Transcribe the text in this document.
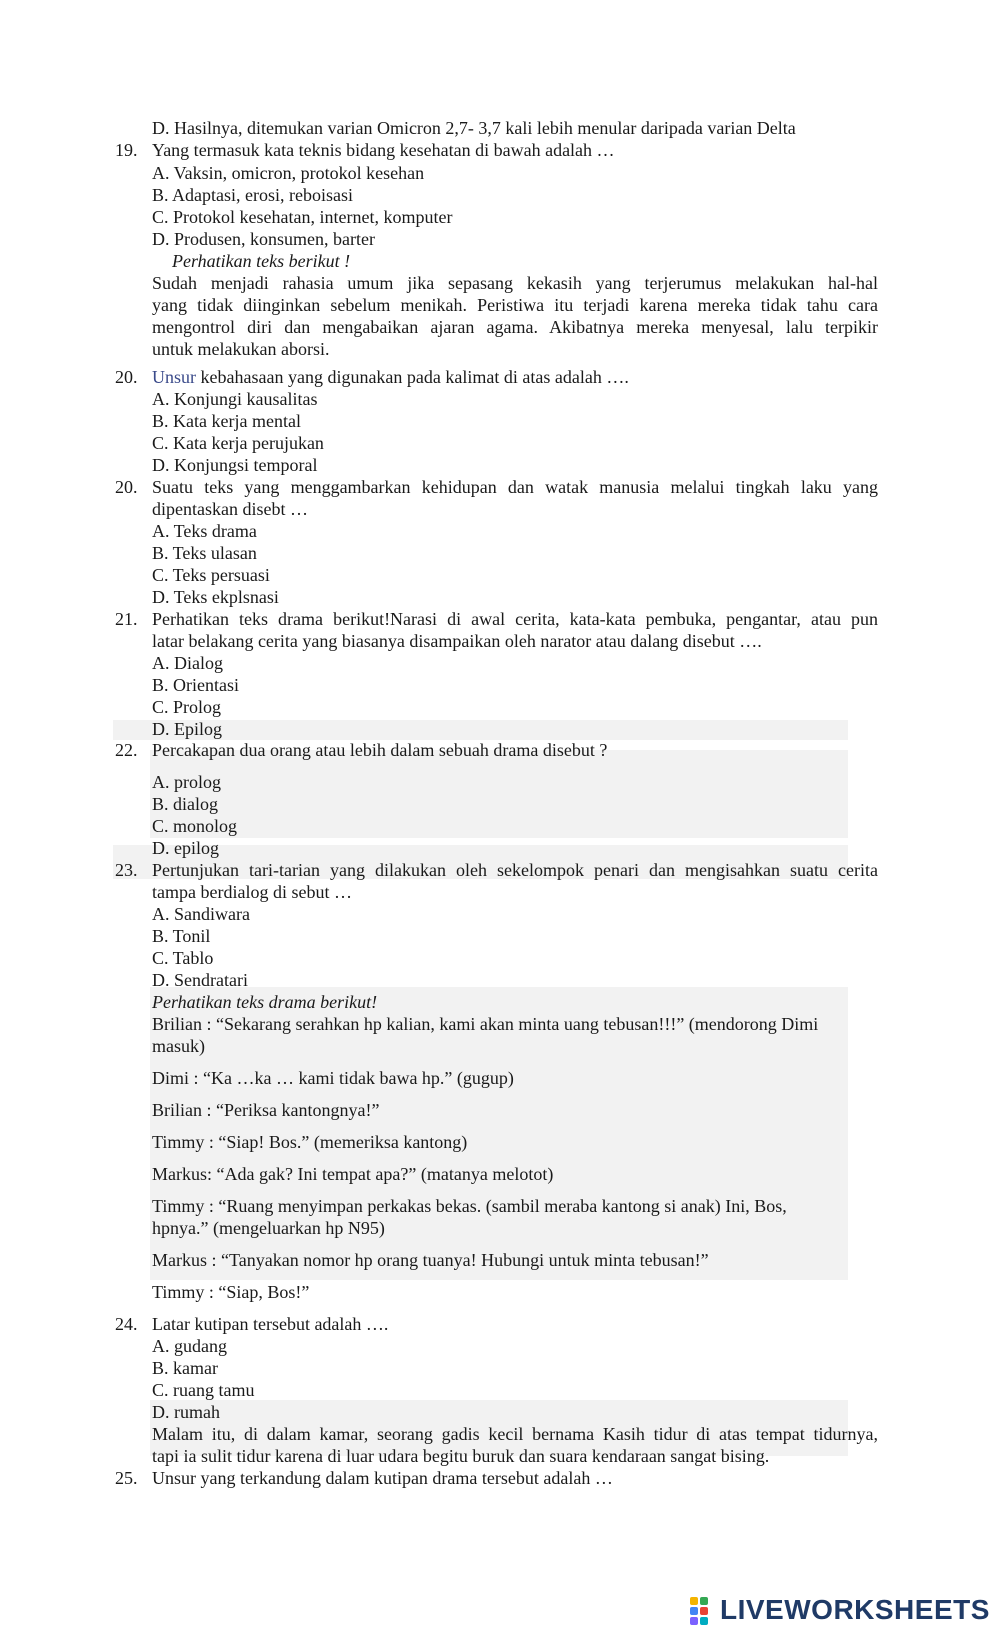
D. Hasilnya, ditemukan varian Omicron 2,7- 3,7 kali lebih menular daripada varian Delta
19. Yang termasuk kata teknis bidang kesehatan di bawah adalah …
A. Vaksin, omicron, protokol kesehan
B. Adaptasi, erosi, reboisasi
C. Protokol kesehatan, internet, komputer
D. Produsen, konsumen, barter
Perhatikan teks berikut !
Sudah menjadi rahasia umum jika sepasang kekasih yang terjerumus melakukan hal-hal
yang tidak diinginkan sebelum menikah. Peristiwa itu terjadi karena mereka tidak tahu cara
mengontrol diri dan mengabaikan ajaran agama. Akibatnya mereka menyesal, lalu terpikir
untuk melakukan aborsi.
20. Unsur kebahasaan yang digunakan pada kalimat di atas adalah ….
A. Konjungi kausalitas
B. Kata kerja mental
C. Kata kerja perujukan
D. Konjungsi temporal
20. Suatu teks yang menggambarkan kehidupan dan watak manusia melalui tingkah laku yang
dipentaskan disebt …
A. Teks drama
B. Teks ulasan
C. Teks persuasi
D. Teks ekplsnasi
21. Perhatikan teks drama berikut!Narasi di awal cerita, kata-kata pembuka, pengantar, atau pun
latar belakang cerita yang biasanya disampaikan oleh narator atau dalang disebut ….
A. Dialog
B. Orientasi
C. Prolog
D. Epilog
22. Percakapan dua orang atau lebih dalam sebuah drama disebut ?
A. prolog
B. dialog
C. monolog
D. epilog
23. Pertunjukan tari-tarian yang dilakukan oleh sekelompok penari dan mengisahkan suatu cerita
tampa berdialog di sebut …
A. Sandiwara
B. Tonil
C. Tablo
D. Sendratari
Perhatikan teks drama berikut!
Brilian : “Sekarang serahkan hp kalian, kami akan minta uang tebusan!!!” (mendorong Dimi
masuk)
Dimi : “Ka …ka … kami tidak bawa hp.” (gugup)
Brilian : “Periksa kantongnya!”
Timmy : “Siap! Bos.” (memeriksa kantong)
Markus: “Ada gak? Ini tempat apa?” (matanya melotot)
Timmy : “Ruang menyimpan perkakas bekas. (sambil meraba kantong si anak) Ini, Bos,
hpnya.” (mengeluarkan hp N95)
Markus : “Tanyakan nomor hp orang tuanya! Hubungi untuk minta tebusan!”
Timmy : “Siap, Bos!”
24. Latar kutipan tersebut adalah ….
A. gudang
B. kamar
C. ruang tamu
D. rumah
Malam itu, di dalam kamar, seorang gadis kecil bernama Kasih tidur di atas tempat tidurnya,
tapi ia sulit tidur karena di luar udara begitu buruk dan suara kendaraan sangat bising.
25. Unsur yang terkandung dalam kutipan drama tersebut adalah …
LIVEWORKSHEETS
